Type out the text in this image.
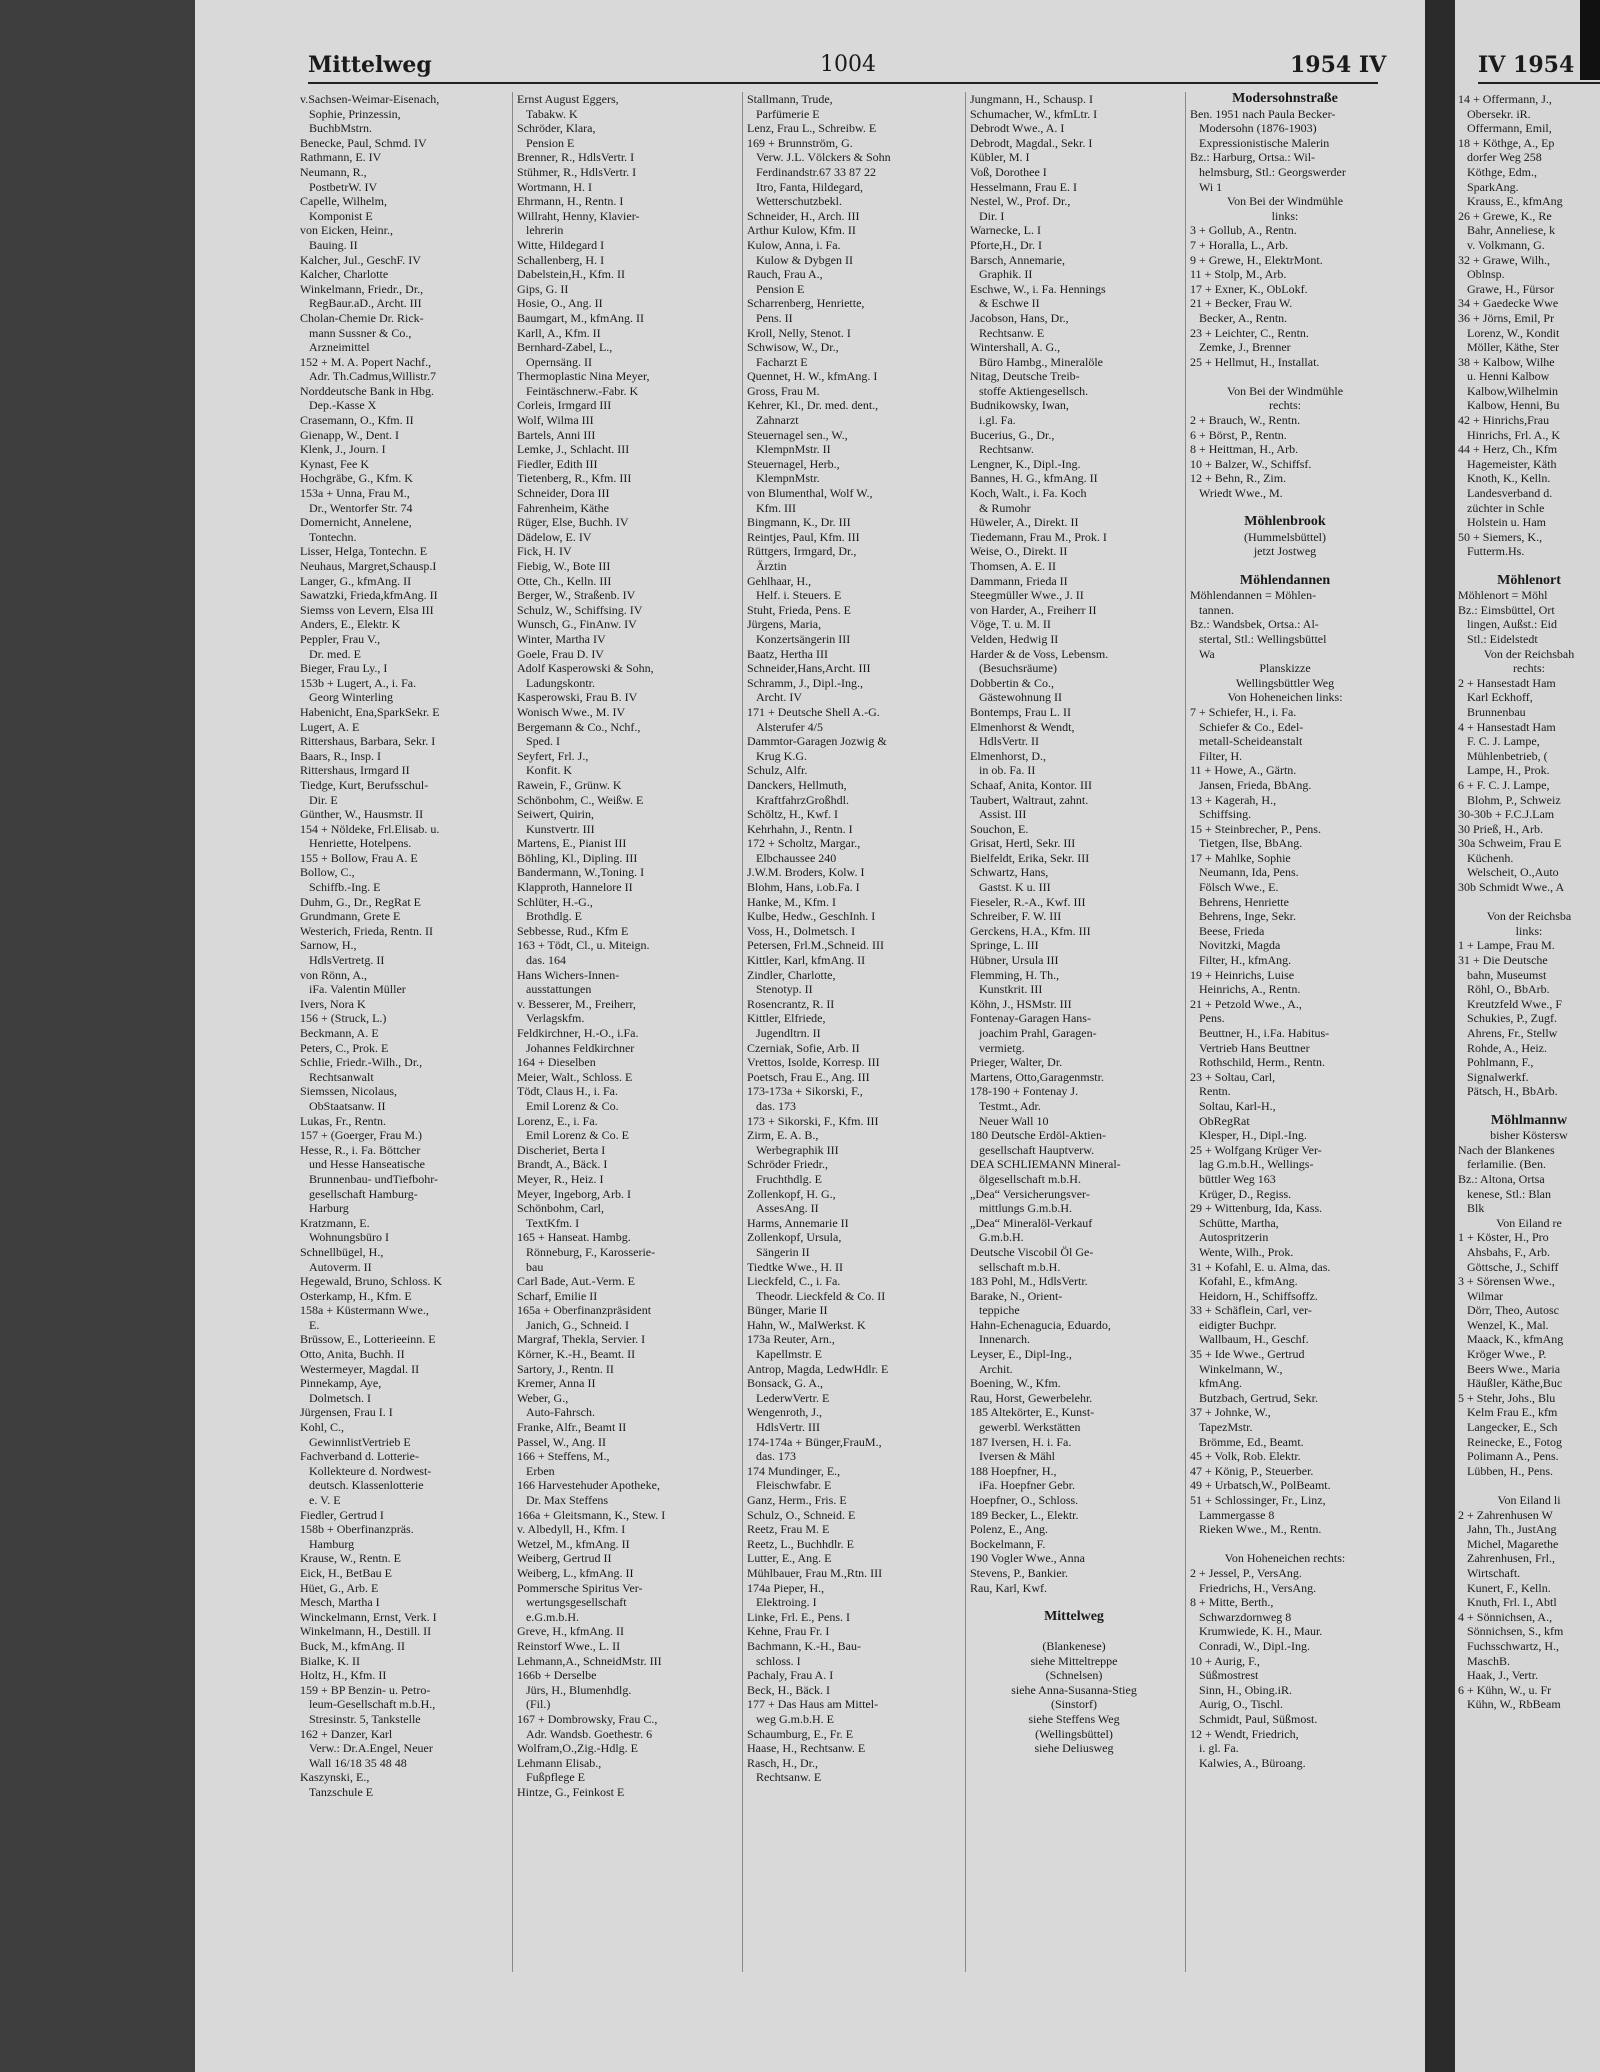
Mittelweg	1004	1954 IV	IV 1954
v.Sachsen-Weimar-Eisenach,
Sophie, Prinzessin,
BuchbMstrn.
Benecke, Paul, Schmd. IV
Rathmann, E. IV
Neumann, R.,
PostbetrW. IV
Capelle, Wilhelm,
Komponist E
von Eicken, Heinr.,
Bauing. II
Kalcher, Jul., GeschF. IV
Kalcher, Charlotte
Winkelmann, Friedr., Dr.,
RegBaur.aD., Archt. III
Cholan-Chemie Dr. Rick-
mann Sussner & Co.,
Arzneimittel
152 + M. A. Popert Nachf.,
Adr. Th.Cadmus,Willistr.7
Norddeutsche Bank in Hbg.
Dep.-Kasse X
Crasemann, O., Kfm. II
Gienapp, W., Dent. I
Klenk, J., Journ. I
Kynast, Fee K
Hochgräbe, G., Kfm. K
153a + Unna, Frau M.,
Dr., Wentorfer Str. 74
Domernicht, Annelene,
Tontechn.
Lisser, Helga, Tontechn. E
Neuhaus, Margret,Schausp.I
Langer, G., kfmAng. II
Sawatzki, Frieda,kfmAng. II
Siemss von Levern, Elsa III
Anders, E., Elektr. K
Peppler, Frau V.,
Dr. med. E
Bieger, Frau Ly., I
153b + Lugert, A., i. Fa.
Georg Winterling
Habenicht, Ena,SparkSekr. E
Lugert, A. E
Rittershaus, Barbara, Sekr. I
Baars, R., Insp. I
Rittershaus, Irmgard II
Tiedge, Kurt, Berufsschul-
Dir. E
Günther, W., Hausmstr. II
154 + Nöldeke, Frl.Elisab. u.
Henriette, Hotelpens.
155 + Bollow, Frau A. E
Bollow, C.,
Schiffb.-Ing. E
Duhm, G., Dr., RegRat E
Grundmann, Grete E
Westerich, Frieda, Rentn. II
Sarnow, H.,
HdlsVertretg. II
von Rönn, A.,
iFa. Valentin Müller
Ivers, Nora K
156 + (Struck, L.)
Beckmann, A. E
Peters, C., Prok. E
Schlie, Friedr.-Wilh., Dr.,
Rechtsanwalt
Siemssen, Nicolaus,
ObStaatsanw. II
Lukas, Fr., Rentn.
157 + (Goerger, Frau M.)
Hesse, R., i. Fa. Böttcher
und Hesse Hanseatische
Brunnenbau- undTiefbohr-
gesellschaft Hamburg-
Harburg
Kratzmann, E.
Wohnungsbüro I
Schnellbügel, H.,
Autoverm. II
Hegewald, Bruno, Schloss. K
Osterkamp, H., Kfm. E
158a + Küstermann Wwe.,
E.
Brüssow, E., Lotterieeinn. E
Otto, Anita, Buchh. II
Westermeyer, Magdal. II
Pinnekamp, Aye,
Dolmetsch. I
Jürgensen, Frau I. I
Kohl, C.,
GewinnlistVertrieb E
Fachverband d. Lotterie-
Kollekteure d. Nordwest-
deutsch. Klassenlotterie
e. V. E
Fiedler, Gertrud I
158b + Oberfinanzpräs.
Hamburg
Krause, W., Rentn. E
Eick, H., BetBau E
Hüet, G., Arb. E
Mesch, Martha I
Winckelmann, Ernst, Verk. I
Winkelmann, H., Destill. II
Buck, M., kfmAng. II
Bialke, K. II
Holtz, H., Kfm. II
159 + BP Benzin- u. Petro-
leum-Gesellschaft m.b.H.,
Stresinstr. 5, Tankstelle
162 + Danzer, Karl
Verw.: Dr.A.Engel, Neuer
Wall 16/18 35 48 48
Kaszynski, E.,
Tanzschule E
Ernst August Eggers,
Tabakw. K
Schröder, Klara,
Pension E
Brenner, R., HdlsVertr. I
Stühmer, R., HdlsVertr. I
Wortmann, H. I
Ehrmann, H., Rentn. I
Willraht, Henny, Klavier-
lehrerin
Witte, Hildegard I
Schallenberg, H. I
Dabelstein,H., Kfm. II
Gips, G. II
Hosie, O., Ang. II
Baumgart, M., kfmAng. II
Karll, A., Kfm. II
Bernhard-Zabel, L.,
Opernsäng. II
Thermoplastic Nina Meyer,
Feintäschnerw.-Fabr. K
Corleis, Irmgard III
Wolf, Wilma III
Bartels, Anni III
Lemke, J., Schlacht. III
Fiedler, Edith III
Tietenberg, R., Kfm. III
Schneider, Dora III
Fahrenheim, Käthe
Rüger, Else, Buchh. IV
Dädelow, E. IV
Fick, H. IV
Fiebig, W., Bote III
Otte, Ch., Kelln. III
Berger, W., Straßenb. IV
Schulz, W., Schiffsing. IV
Wunsch, G., FinAnw. IV
Winter, Martha IV
Goele, Frau D. IV
Adolf Kasperowski & Sohn,
Ladungskontr.
Kasperowski, Frau B. IV
Wonisch Wwe., M. IV
Bergemann & Co., Nchf.,
Sped. I
Seyfert, Frl. J.,
Konfit. K
Rawein, F., Grünw. K
Schönbohm, C., Weißw. E
Seiwert, Quirin,
Kunstvertr. III
Martens, E., Pianist III
Böhling, Kl., Dipling. III
Bandermann, W.,Toning. I
Klapproth, Hannelore II
Schlüter, H.-G.,
Brothdlg. E
Sebbesse, Rud., Kfm E
163 + Tödt, Cl., u. Miteign.
das. 164
Hans Wichers-Innen-
ausstattungen
v. Besserer, M., Freiherr,
Verlagskfm.
Feldkirchner, H.-O., i.Fa.
Johannes Feldkirchner
164 + Dieselben
Meier, Walt., Schloss. E
Tödt, Claus H., i. Fa.
Emil Lorenz & Co.
Lorenz, E., i. Fa.
Emil Lorenz & Co. E
Discheriet, Berta I
Brandt, A., Bäck. I
Meyer, R., Heiz. I
Meyer, Ingeborg, Arb. I
Schönbohm, Carl,
TextKfm. I
165 + Hanseat. Hambg.
Rönneburg, F., Karosserie-
bau
Carl Bade, Aut.-Verm. E
Scharf, Emilie II
165a + Oberfinanzpräsident
Janich, G., Schneid. I
Margraf, Thekla, Servier. I
Körner, K.-H., Beamt. II
Sartory, J., Rentn. II
Kremer, Anna II
Weber, G.,
Auto-Fahrsch.
Franke, Alfr., Beamt II
Passel, W., Ang. II
166 + Steffens, M.,
Erben
166 Harvestehuder Apotheke,
Dr. Max Steffens
166a + Gleitsmann, K., Stew. I
v. Albedyll, H., Kfm. I
Wetzel, M., kfmAng. II
Weiberg, Gertrud II
Weiberg, L., kfmAng. II
Pommersche Spiritus Ver-
wertungsgesellschaft
e.G.m.b.H.
Greve, H., kfmAng. II
Reinstorf Wwe., L. II
Lehmann,A., SchneidMstr. III
166b + Derselbe
Jürs, H., Blumenhdlg.
(Fil.)
167 + Dombrowsky, Frau C.,
Adr. Wandsb. Goethestr. 6
Wolfram,O.,Zig.-Hdlg. E
Lehmann Elisab.,
Fußpflege E
Hintze, G., Feinkost E
Stallmann, Trude,
Parfümerie E
Lenz, Frau L., Schreibw. E
169 + Brunnström, G.
Verw. J.L. Völckers & Sohn
Ferdinandstr.67 33 87 22
Itro, Fanta, Hildegard,
Wetterschutzbekl.
Schneider, H., Arch. III
Arthur Kulow, Kfm. II
Kulow, Anna, i. Fa.
Kulow & Dybgen II
Rauch, Frau A.,
Pension E
Scharrenberg, Henriette,
Pens. II
Kroll, Nelly, Stenot. I
Schwisow, W., Dr.,
Facharzt E
Quennet, H. W., kfmAng. I
Gross, Frau M.
Kehrer, Kl., Dr. med. dent.,
Zahnarzt
Steuernagel sen., W.,
KlempnMstr. II
Steuernagel, Herb.,
KlempnMstr.
von Blumenthal, Wolf W.,
Kfm. III
Bingmann, K., Dr. III
Reintjes, Paul, Kfm. III
Rüttgers, Irmgard, Dr.,
Ärztin
Gehlhaar, H.,
Helf. i. Steuers. E
Stuht, Frieda, Pens. E
Jürgens, Maria,
Konzertsängerin III
Baatz, Hertha III
Schneider,Hans,Archt. III
Schramm, J., Dipl.-Ing.,
Archt. IV
171 + Deutsche Shell A.-G.
Alsterufer 4/5
Dammtor-Garagen Jozwig &
Krug K.G.
Schulz, Alfr.
Danckers, Hellmuth,
KraftfahrzGroßhdl.
Schöltz, H., Kwf. I
Kehrhahn, J., Rentn. I
172 + Scholtz, Margar.,
Elbchaussee 240
J.W.M. Broders, Kolw. I
Blohm, Hans, i.ob.Fa. I
Hanke, M., Kfm. I
Kulbe, Hedw., GeschInh. I
Voss, H., Dolmetsch. I
Petersen, Frl.M.,Schneid. III
Kittler, Karl, kfmAng. II
Zindler, Charlotte,
Stenotyp. II
Rosencrantz, R. II
Kittler, Elfriede,
Jugendltrn. II
Czerniak, Sofie, Arb. II
Vrettos, Isolde, Korresp. III
Poetsch, Frau E., Ang. III
173-173a + Sikorski, F.,
das. 173
173 + Sikorski, F., Kfm. III
Zirm, E. A. B.,
Werbegraphik III
Schröder Friedr.,
Fruchthdlg. E
Zollenkopf, H. G.,
AssesAng. II
Harms, Annemarie II
Zollenkopf, Ursula,
Sängerin II
Tiedtke Wwe., H. II
Lieckfeld, C., i. Fa.
Theodr. Lieckfeld & Co. II
Bünger, Marie II
Hahn, W., MalWerkst. K
173a Reuter, Arn.,
Kapellmstr. E
Antrop, Magda, LedwHdlr. E
Bonsack, G. A.,
LederwVertr. E
Wengenroth, J.,
HdlsVertr. III
174-174a + Bünger,FrauM.,
das. 173
174 Mundinger, E.,
Fleischwfabr. E
Ganz, Herm., Fris. E
Schulz, O., Schneid. E
Reetz, Frau M. E
Reetz, L., Buchhdlr. E
Lutter, E., Ang. E
Mühlbauer, Frau M.,Rtn. III
174a Pieper, H.,
Elektroing. I
Linke, Frl. E., Pens. I
Kehne, Frau Fr. I
Bachmann, K.-H., Bau-
schloss. I
Pachaly, Frau A. I
Beck, H., Bäck. I
177 + Das Haus am Mittel-
weg G.m.b.H. E
Schaumburg, E., Fr. E
Haase, H., Rechtsanw. E
Rasch, H., Dr.,
Rechtsanw. E
Jungmann, H., Schausp. I
Schumacher, W., kfmLtr. I
Debrodt Wwe., A. I
Debrodt, Magdal., Sekr. I
Kübler, M. I
Voß, Dorothee I
Hesselmann, Frau E. I
Nestel, W., Prof. Dr.,
Dir. I
Warnecke, L. I
Pforte,H., Dr. I
Barsch, Annemarie,
Graphik. II
Eschwe, W., i. Fa. Hennings
& Eschwe II
Jacobson, Hans, Dr.,
Rechtsanw. E
Wintershall, A. G.,
Büro Hambg., Mineralöle
Nitag, Deutsche Treib-
stoffe Aktiengesellsch.
Budnikowsky, Iwan,
i.gl. Fa.
Bucerius, G., Dr.,
Rechtsanw.
Lengner, K., Dipl.-Ing.
Bannes, H. G., kfmAng. II
Koch, Walt., i. Fa. Koch
& Rumohr
Hüweler, A., Direkt. II
Tiedemann, Frau M., Prok. I
Weise, O., Direkt. II
Thomsen, A. E. II
Dammann, Frieda II
Steegmüller Wwe., J. II
von Harder, A., Freiherr II
Vöge, T. u. M. II
Velden, Hedwig II
Harder & de Voss, Lebensm.
(Besuchsräume)
Dobbertin & Co.,
Gästewohnung II
Bontemps, Frau L. II
Elmenhorst & Wendt,
HdlsVertr. II
Elmenhorst, D.,
in ob. Fa. II
Schaaf, Anita, Kontor. III
Taubert, Waltraut, zahnt.
Assist. III
Souchon, E.
Grisat, Hertl, Sekr. III
Bielfeldt, Erika, Sekr. III
Schwartz, Hans,
Gastst. K u. III
Fieseler, R.-A., Kwf. III
Schreiber, F. W. III
Gerckens, H.A., Kfm. III
Springe, L. III
Hübner, Ursula III
Flemming, H. Th.,
Kunstkrit. III
Köhn, J., HSMstr. III
Fontenay-Garagen Hans-
joachim Prahl, Garagen-
vermietg.
Prieger, Walter, Dr.
Martens, Otto,Garagenmstr.
178-190 + Fontenay J.
Testmt., Adr.
Neuer Wall 10
180 Deutsche Erdöl-Aktien-
gesellschaft Hauptverw.
DEA SCHLIEMANN Mineral-
ölgesellschaft m.b.H.
„Dea“ Versicherungsver-
mittlungs G.m.b.H.
„Dea“ Mineralöl-Verkauf
G.m.b.H.
Deutsche Viscobil Öl Ge-
sellschaft m.b.H.
183 Pohl, M., HdlsVertr.
Barake, N., Orient-
teppiche
Hahn-Echenagucia, Eduardo,
Innenarch.
Leyser, E., Dipl-Ing.,
Archit.
Boening, W., Kfm.
Rau, Horst, Gewerbelehr.
185 Altekörter, E., Kunst-
gewerbl. Werkstätten
187 Iversen, H. i. Fa.
Iversen & Mähl
188 Hoepfner, H.,
iFa. Hoepfner Gebr.
Hoepfner, O., Schloss.
189 Becker, L., Elektr.
Polenz, E., Ang.
Bockelmann, F.
190 Vogler Wwe., Anna
Stevens, P., Bankier.
Rau, Karl, Kwf.
Mittelweg
(Blankenese)
siehe Mitteltreppe
(Schnelsen)
siehe Anna-Susanna-Stieg
(Sinstorf)
siehe Steffens Weg
(Wellingsbüttel)
siehe Deliusweg
Modersohnstraße
Ben. 1951 nach Paula Becker-
Modersohn (1876-1903)
Expressionistische Malerin
Bz.: Harburg, Ortsa.: Wil-
helmsburg, Stl.: Georgswerder
Wi 1
Von Bei der Windmühle
links:
3 + Gollub, A., Rentn.
7 + Horalla, L., Arb.
9 + Grewe, H., ElektrMont.
11 + Stolp, M., Arb.
17 + Exner, K., ObLokf.
21 + Becker, Frau W.
Becker, A., Rentn.
23 + Leichter, C., Rentn.
Zemke, J., Brenner
25 + Hellmut, H., Installat.
Von Bei der Windmühle
rechts:
2 + Brauch, W., Rentn.
6 + Börst, P., Rentn.
8 + Heittman, H., Arb.
10 + Balzer, W., Schiffsf.
12 + Behn, R., Zim.
Wriedt Wwe., M.
Möhlenbrook
(Hummelsbüttel)
jetzt Jostweg
Möhlendannen
Möhlendannen = Möhlen-
tannen.
Bz.: Wandsbek, Ortsa.: Al-
stertal, Stl.: Wellingsbüttel
Wa
Planskizze
Wellingsbüttler Weg
Von Hoheneichen links:
7 + Schiefer, H., i. Fa.
Schiefer & Co., Edel-
metall-Scheideanstalt
Filter, H.
11 + Howe, A., Gärtn.
Jansen, Frieda, BbAng.
13 + Kagerah, H.,
Schiffsing.
15 + Steinbrecher, P., Pens.
Tietgen, Ilse, BbAng.
17 + Mahlke, Sophie
Neumann, Ida, Pens.
Fölsch Wwe., E.
Behrens, Henriette
Behrens, Inge, Sekr.
Beese, Frieda
Novitzki, Magda
Filter, H., kfmAng.
19 + Heinrichs, Luise
Heinrichs, A., Rentn.
21 + Petzold Wwe., A.,
Pens.
Beuttner, H., i.Fa. Habitus-
Vertrieb Hans Beuttner
Rothschild, Herm., Rentn.
23 + Soltau, Carl,
Rentn.
Soltau, Karl-H.,
ObRegRat
Klesper, H., Dipl.-Ing.
25 + Wolfgang Krüger Ver-
lag G.m.b.H., Wellings-
büttler Weg 163
Krüger, D., Regiss.
29 + Wittenburg, Ida, Kass.
Schütte, Martha,
Autospritzerin
Wente, Wilh., Prok.
31 + Kofahl, E. u. Alma, das.
Kofahl, E., kfmAng.
Heidorn, H., Schiffsoffz.
33 + Schäflein, Carl, ver-
eidigter Buchpr.
Wallbaum, H., Geschf.
35 + Ide Wwe., Gertrud
Winkelmann, W.,
kfmAng.
Butzbach, Gertrud, Sekr.
37 + Johnke, W.,
TapezMstr.
Brömme, Ed., Beamt.
45 + Volk, Rob. Elektr.
47 + König, P., Steuerber.
49 + Urbatsch,W., PolBeamt.
51 + Schlossinger, Fr., Linz,
Lammergasse 8
Rieken Wwe., M., Rentn.
Von Hoheneichen rechts:
2 + Jessel, P., VersAng.
Friedrichs, H., VersAng.
8 + Mitte, Berth.,
Schwarzdornweg 8
Krumwiede, K. H., Maur.
Conradi, W., Dipl.-Ing.
10 + Aurig, F.,
Süßmostrest
Sinn, H., Obing.iR.
Aurig, O., Tischl.
Schmidt, Paul, Süßmost.
12 + Wendt, Friedrich,
i. gl. Fa.
Kalwies, A., Büroang.
14 + Offermann, J.,
Obersekr. iR.
Offermann, Emil,
18 + Köthge, A., Ep
dorfer Weg 258
Köthge, Edm.,
SparkAng.
Krauss, E., kfmAng
26 + Grewe, K., Re
Bahr, Anneliese, k
v. Volkmann, G.
32 + Grawe, Wilh.,
Oblnsp.
Grawe, H., Fürsor
34 + Gaedecke Wwe
36 + Jörns, Emil, Pr
Lorenz, W., Kondit
Möller, Käthe, Ster
38 + Kalbow, Wilhe
u. Henni Kalbow
Kalbow,Wilhelmin
Kalbow, Henni, Bu
42 + Hinrichs,Frau
Hinrichs, Frl. A., K
44 + Herz, Ch., Kfm
Hagemeister, Käth
Knoth, K., Kelln.
Landesverband d.
züchter in Schle
Holstein u. Ham
50 + Siemers, K.,
Futterm.Hs.
Möhlenort
Möhlenort = Möhl
Bz.: Eimsbüttel, Ort
lingen, Außst.: Eid
Stl.: Eidelstedt
Von der Reichsbah
rechts:
2 + Hansestadt Ham
Karl Eckhoff,
Brunnenbau
4 + Hansestadt Ham
F. C. J. Lampe,
Mühlenbetrieb, (
Lampe, H., Prok.
6 + F. C. J. Lampe,
Blohm, P., Schweiz
30-30b + F.C.J.Lam
30 Prieß, H., Arb.
30a Schweim, Frau E
Küchenh.
Welscheit, O.,Auto
30b Schmidt Wwe., A
Von der Reichsba
links:
1 + Lampe, Frau M.
31 + Die Deutsche
bahn, Museumst
Röhl, O., BbArb.
Kreutzfeld Wwe., F
Schukies, P., Zugf.
Ahrens, Fr., Stellw
Rohde, A., Heiz.
Pohlmann, F.,
Signalwerkf.
Pätsch, H., BbArb.
Möhlmannw
bisher Köstersw
Nach der Blankenes
ferlamilie. (Ben.
Bz.: Altona, Ortsa
kenese, Stl.: Blan
Blk
Von Eiland re
1 + Köster, H., Pro
Ahsbahs, F., Arb.
Göttsche, J., Schiff
3 + Sörensen Wwe.,
Wilmar
Dörr, Theo, Autosc
Wenzel, K., Mal.
Maack, K., kfmAng
Kröger Wwe., P.
Beers Wwe., Maria
Häußler, Käthe,Buc
5 + Stehr, Johs., Blu
Kelm Frau E., kfm
Langecker, E., Sch
Reinecke, E., Fotog
Polimann A., Pens.
Lübben, H., Pens.
Von Eiland li
2 + Zahrenhusen W
Jahn, Th., JustAng
Michel, Magarethe
Zahrenhusen, Frl.,
Wirtschaft.
Kunert, F., Kelln.
Knuth, Frl. I., Abtl
4 + Sönnichsen, A.,
Sönnichsen, S., kfm
Fuchsschwartz, H.,
MaschB.
Haak, J., Vertr.
6 + Kühn, W., u. Fr
Kühn, W., RbBeam
